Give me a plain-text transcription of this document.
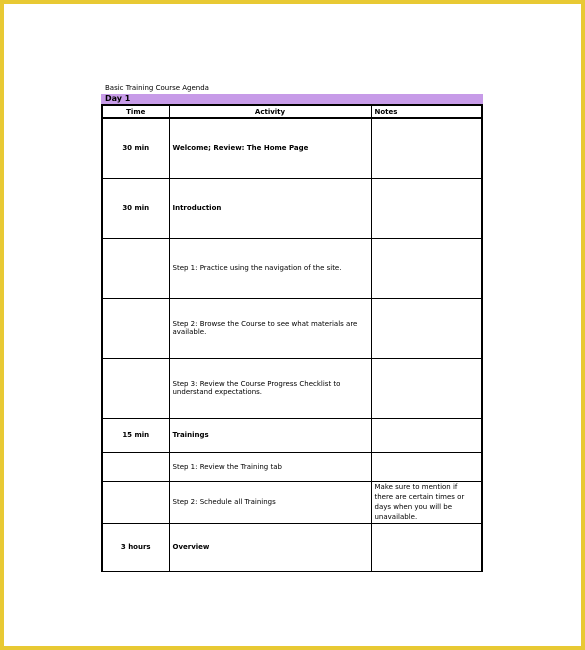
Basic Training Course Agenda
Day 1
Time	Activity	Notes
30 min	Welcome; Review: The Home Page	
30 min	Introduction	
	Step 1: Practice using the navigation of the site.	
	Step 2: Browse the Course to see what materials are available.	
	Step 3: Review the Course Progress Checklist to understand expectations.	
15 min	Trainings	
	Step 1: Review the Training tab	
	Step 2: Schedule all Trainings	Make sure to mention if there are certain times or days when you will be unavailable.
3 hours	Overview	
